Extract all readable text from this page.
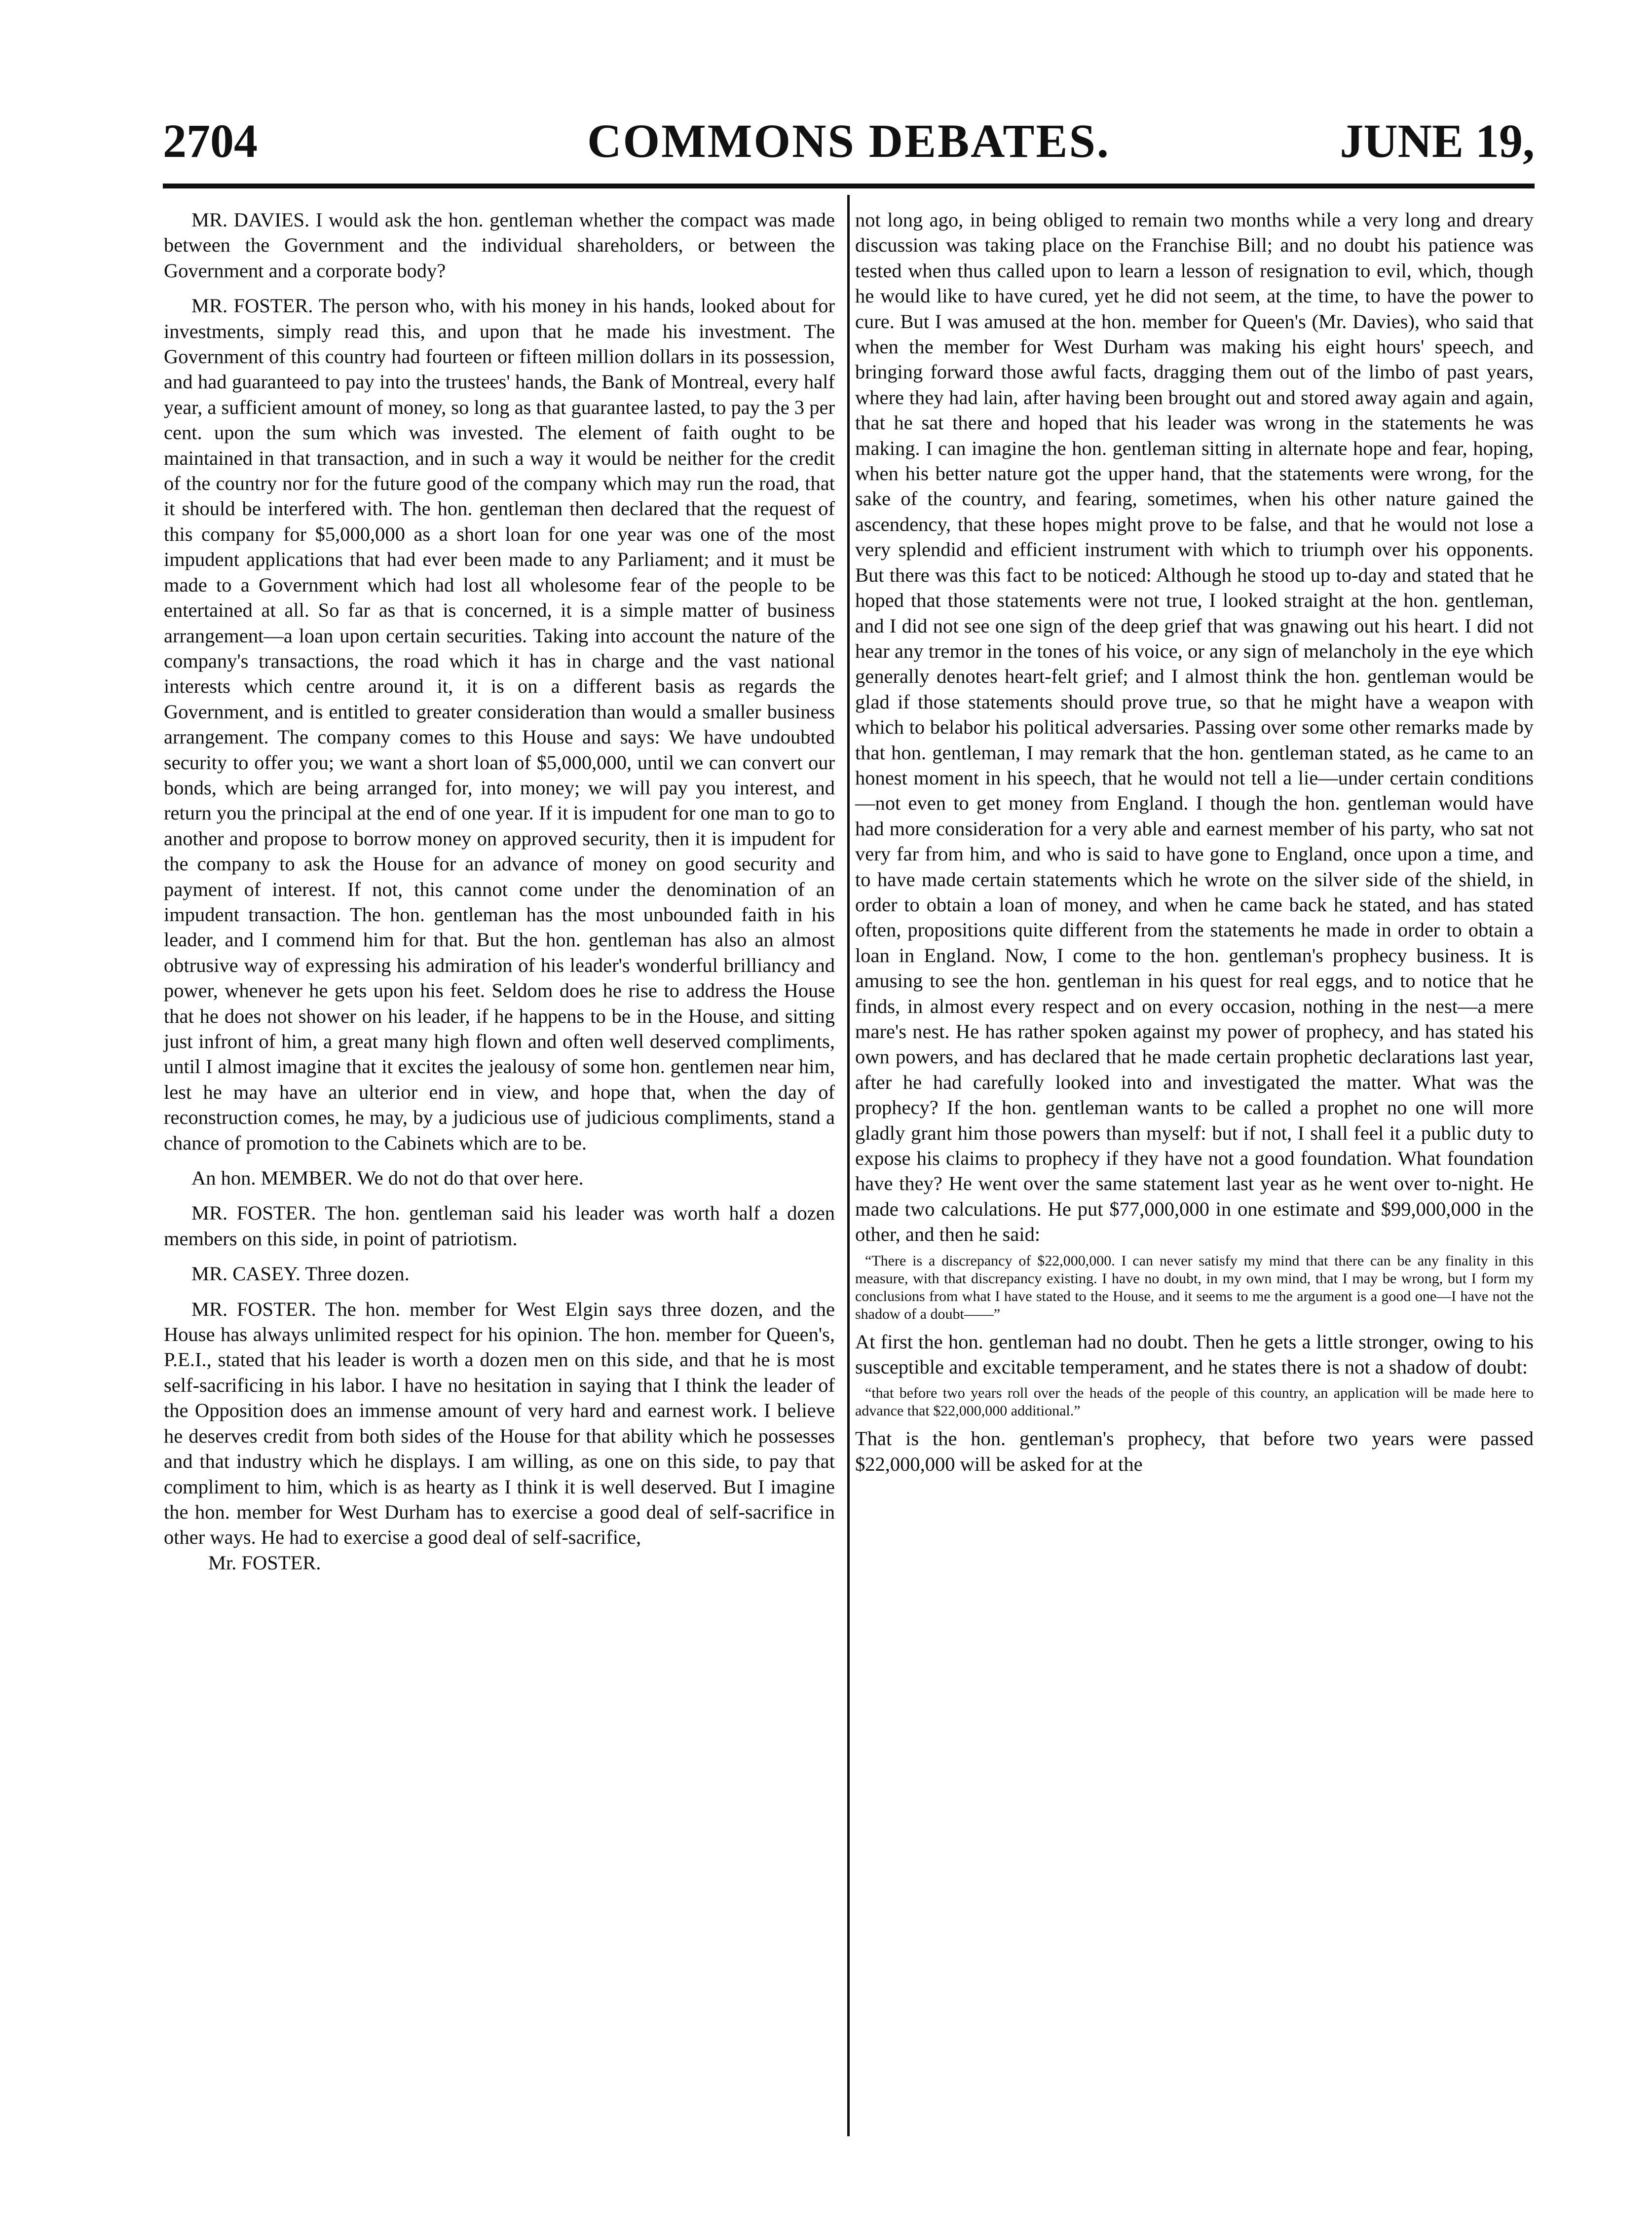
2704	COMMONS DEBATES.	JUNE 19,

MR. DAVIES. I would ask the hon. gentleman whether the compact was made between the Government and the individual shareholders, or between the Government and a corporate body?

MR. FOSTER. The person who, with his money in his hands, looked about for investments, simply read this, and upon that he made his investment. The Government of this country had fourteen or fifteen million dollars in its possession, and had guaranteed to pay into the trustees' hands, the Bank of Montreal, every half year, a sufficient amount of money, so long as that guarantee lasted, to pay the 3 per cent. upon the sum which was invested. The element of faith ought to be maintained in that transaction, and in such a way it would be neither for the credit of the country nor for the future good of the company which may run the road, that it should be interfered with. The hon. gentleman then declared that the request of this company for $5,000,000 as a short loan for one year was one of the most impudent applications that had ever been made to any Parliament; and it must be made to a Government which had lost all wholesome fear of the people to be entertained at all. So far as that is concerned, it is a simple matter of business arrangement—a loan upon certain securities. Taking into account the nature of the company's transactions, the road which it has in charge and the vast national interests which centre around it, it is on a different basis as regards the Government, and is entitled to greater consideration than would a smaller business arrangement. The company comes to this House and says: We have undoubted security to offer you; we want a short loan of $5,000,000, until we can convert our bonds, which are being arranged for, into money; we will pay you interest, and return you the principal at the end of one year. If it is impudent for one man to go to another and propose to borrow money on approved security, then it is impudent for the company to ask the House for an advance of money on good security and payment of interest. If not, this cannot come under the denomination of an impudent transaction. The hon. gentleman has the most unbounded faith in his leader, and I commend him for that. But the hon. gentleman has also an almost obtrusive way of expressing his admiration of his leader's wonderful brilliancy and power, whenever he gets upon his feet. Seldom does he rise to address the House that he does not shower on his leader, if he happens to be in the House, and sitting just infront of him, a great many high flown and often well deserved compliments, until I almost imagine that it excites the jealousy of some hon. gentlemen near him, lest he may have an ulterior end in view, and hope that, when the day of reconstruction comes, he may, by a judicious use of judicious compliments, stand a chance of promotion to the Cabinets which are to be.

An hon. MEMBER. We do not do that over here.

MR. FOSTER. The hon. gentleman said his leader was worth half a dozen members on this side, in point of patriotism.

MR. CASEY. Three dozen.

MR. FOSTER. The hon. member for West Elgin says three dozen, and the House has always unlimited respect for his opinion. The hon. member for Queen's, P.E.I., stated that his leader is worth a dozen men on this side, and that he is most self-sacrificing in his labor. I have no hesitation in saying that I think the leader of the Opposition does an immense amount of very hard and earnest work. I believe he deserves credit from both sides of the House for that ability which he possesses and that industry which he displays. I am willing, as one on this side, to pay that compliment to him, which is as hearty as I think it is well deserved. But I imagine the hon. member for West Durham has to exercise a good deal of self-sacrifice in other ways. He had to exercise a good deal of self-sacrifice,

Mr. FOSTER.

not long ago, in being obliged to remain two months while a very long and dreary discussion was taking place on the Franchise Bill; and no doubt his patience was tested when thus called upon to learn a lesson of resignation to evil, which, though he would like to have cured, yet he did not seem, at the time, to have the power to cure. But I was amused at the hon. member for Queen's (Mr. Davies), who said that when the member for West Durham was making his eight hours' speech, and bringing forward those awful facts, dragging them out of the limbo of past years, where they had lain, after having been brought out and stored away again and again, that he sat there and hoped that his leader was wrong in the statements he was making. I can imagine the hon. gentleman sitting in alternate hope and fear, hoping, when his better nature got the upper hand, that the statements were wrong, for the sake of the country, and fearing, sometimes, when his other nature gained the ascendency, that these hopes might prove to be false, and that he would not lose a very splendid and efficient instrument with which to triumph over his opponents. But there was this fact to be noticed: Although he stood up to-day and stated that he hoped that those statements were not true, I looked straight at the hon. gentleman, and I did not see one sign of the deep grief that was gnawing out his heart. I did not hear any tremor in the tones of his voice, or any sign of melancholy in the eye which generally denotes heart-felt grief; and I almost think the hon. gentleman would be glad if those statements should prove true, so that he might have a weapon with which to belabor his political adversaries. Passing over some other remarks made by that hon. gentleman, I may remark that the hon. gentleman stated, as he came to an honest moment in his speech, that he would not tell a lie—under certain conditions—not even to get money from England. I though the hon. gentleman would have had more consideration for a very able and earnest member of his party, who sat not very far from him, and who is said to have gone to England, once upon a time, and to have made certain statements which he wrote on the silver side of the shield, in order to obtain a loan of money, and when he came back he stated, and has stated often, propositions quite different from the statements he made in order to obtain a loan in England. Now, I come to the hon. gentleman's prophecy business. It is amusing to see the hon. gentleman in his quest for real eggs, and to notice that he finds, in almost every respect and on every occasion, nothing in the nest—a mere mare's nest. He has rather spoken against my power of prophecy, and has stated his own powers, and has declared that he made certain prophetic declarations last year, after he had carefully looked into and investigated the matter. What was the prophecy? If the hon. gentleman wants to be called a prophet no one will more gladly grant him those powers than myself: but if not, I shall feel it a public duty to expose his claims to prophecy if they have not a good foundation. What foundation have they? He went over the same statement last year as he went over to-night. He made two calculations. He put $77,000,000 in one estimate and $99,000,000 in the other, and then he said:

“There is a discrepancy of $22,000,000. I can never satisfy my mind that there can be any finality in this measure, with that discrepancy existing. I have no doubt, in my own mind, that I may be wrong, but I form my conclusions from what I have stated to the House, and it seems to me the argument is a good one—I have not the shadow of a doubt——”

At first the hon. gentleman had no doubt. Then he gets a little stronger, owing to his susceptible and excitable temperament, and he states there is not a shadow of doubt:

“that before two years roll over the heads of the people of this country, an application will be made here to advance that $22,000,000 additional.”

That is the hon. gentleman's prophecy, that before two years were passed $22,000,000 will be asked for at the
